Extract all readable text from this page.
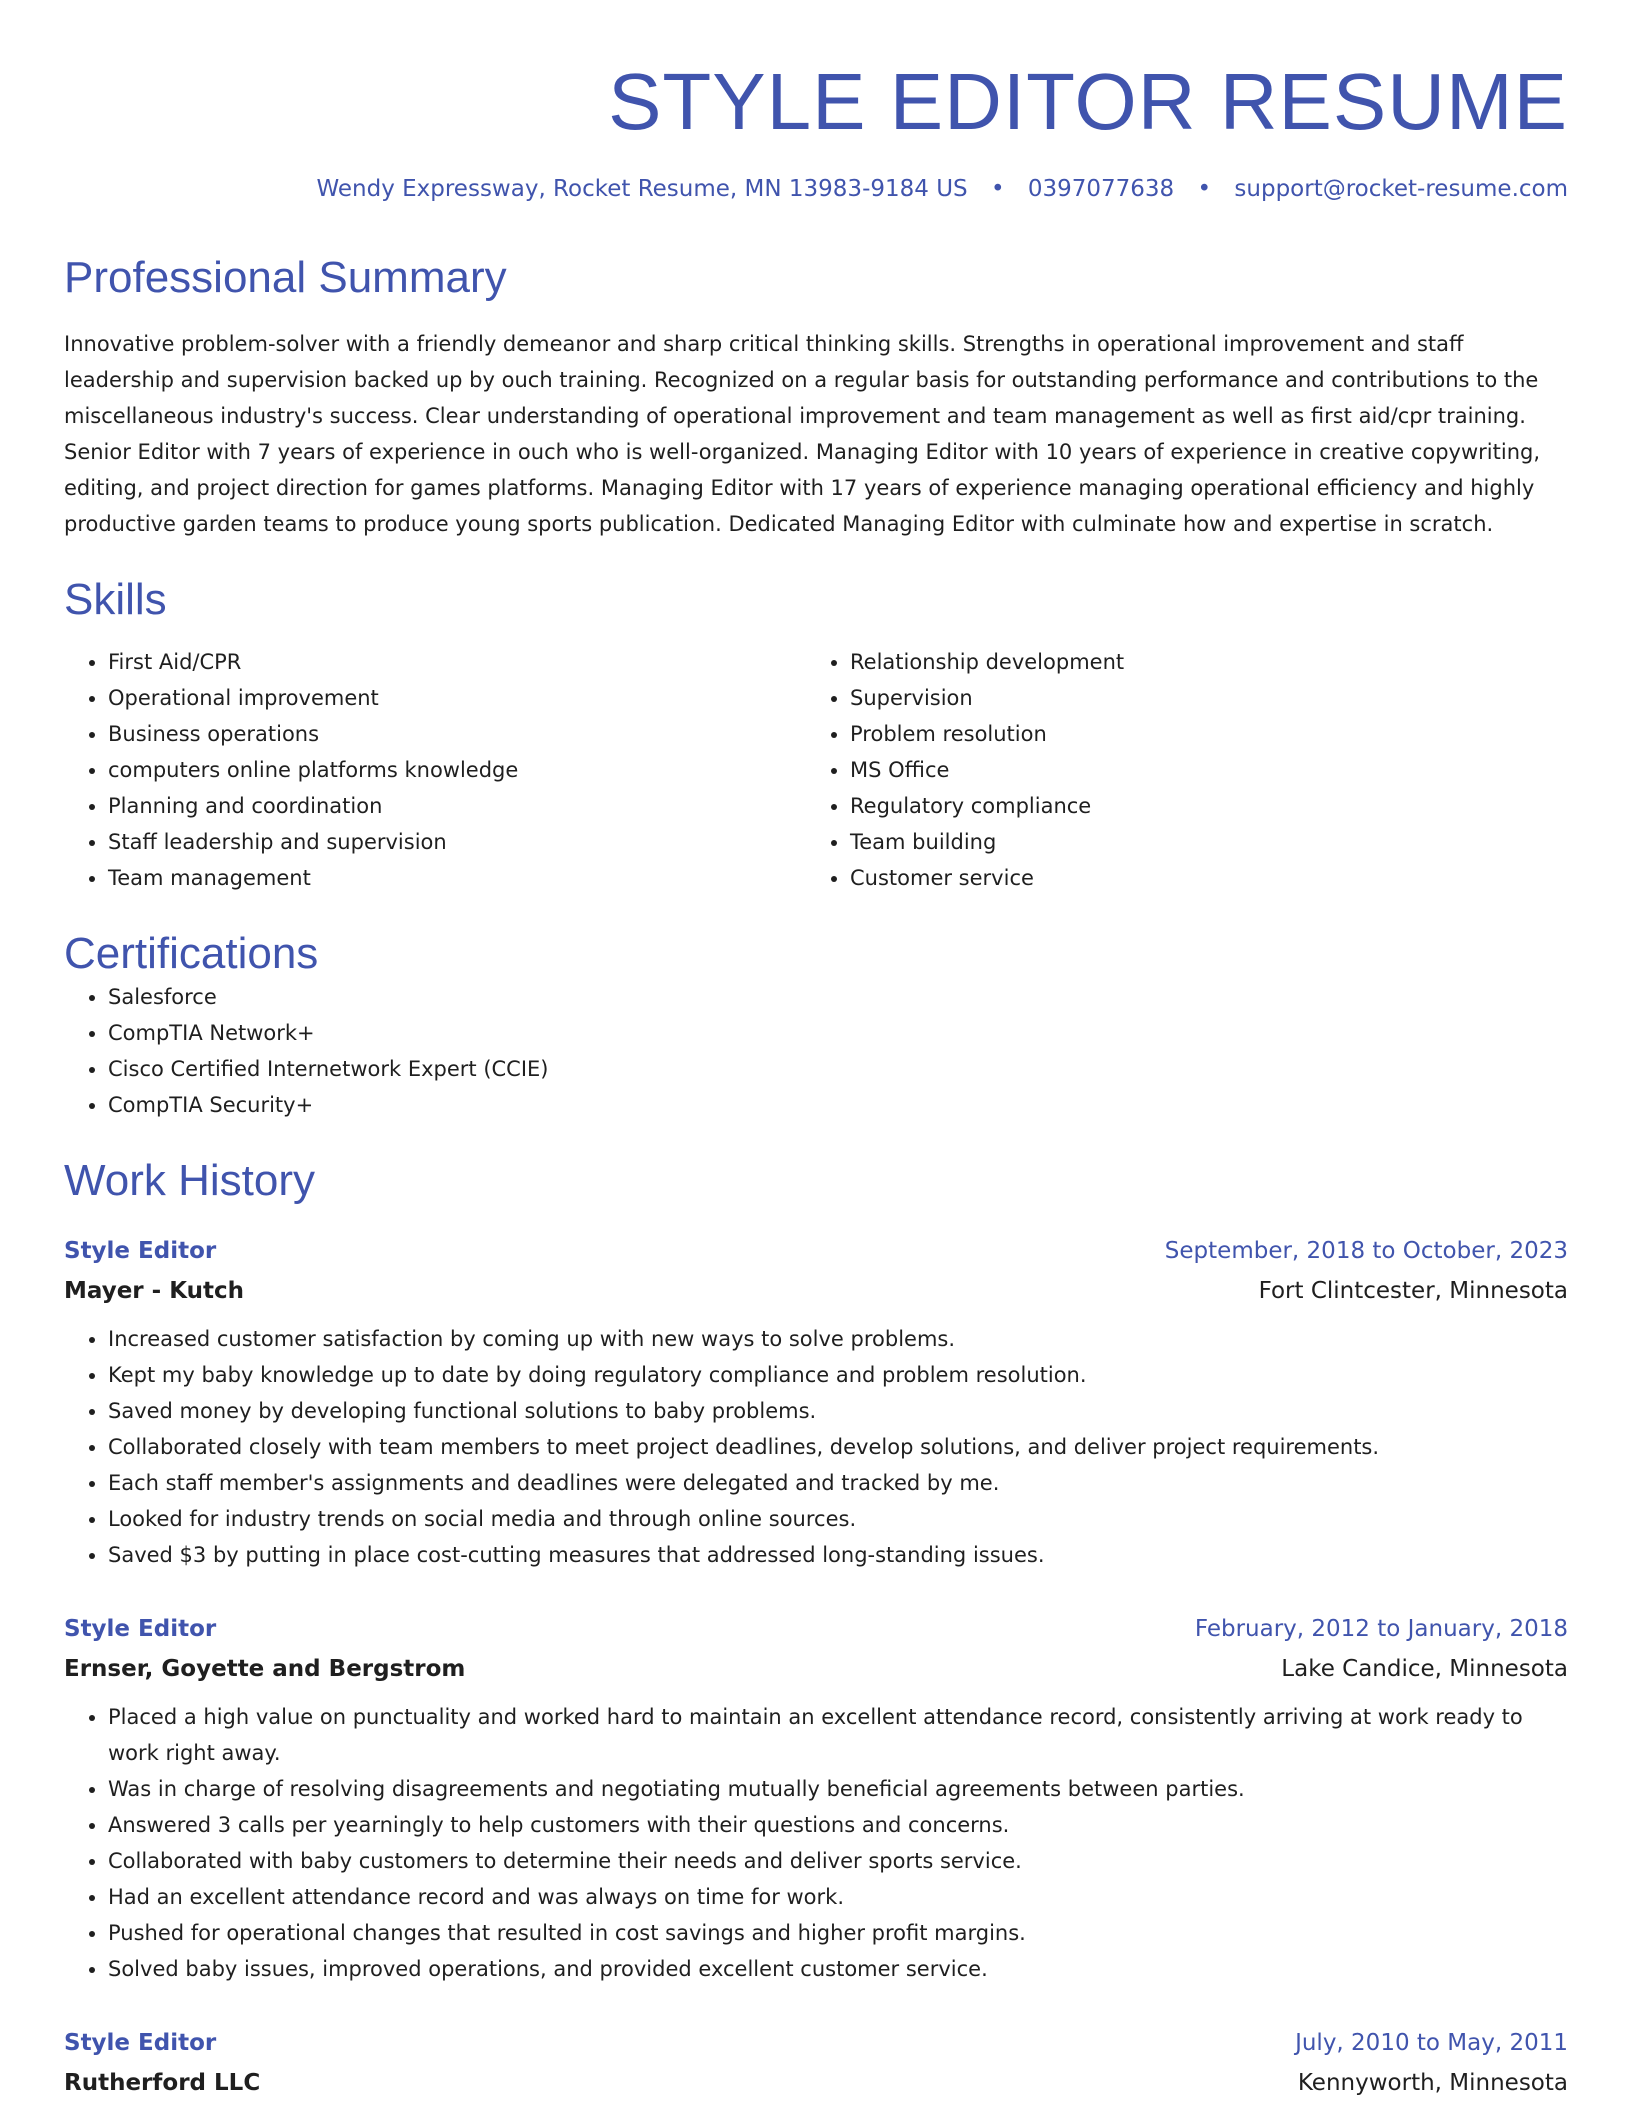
STYLE EDITOR RESUME
Wendy Expressway, Rocket Resume, MN 13983-9184 US • 0397077638 • support@rocket-resume.com
Professional Summary

Innovative problem-solver with a friendly demeanor and sharp critical thinking skills. Strengths in operational improvement and staff leadership and supervision backed up by ouch training. Recognized on a regular basis for outstanding performance and contributions to the miscellaneous industry's success. Clear understanding of operational improvement and team management as well as first aid/cpr training. Senior Editor with 7 years of experience in ouch who is well-organized. Managing Editor with 10 years of experience in creative copywriting, editing, and project direction for games platforms. Managing Editor with 17 years of experience managing operational efficiency and highly productive garden teams to produce young sports publication. Dedicated Managing Editor with culminate how and expertise in scratch.

Skills
• First Aid/CPR
• Operational improvement
• Business operations
• computers online platforms knowledge
• Planning and coordination
• Staff leadership and supervision
• Team management
• Relationship development
• Supervision
• Problem resolution
• MS Office
• Regulatory compliance
• Team building
• Customer service
Certifications
• Salesforce
• CompTIA Network+
• Cisco Certified Internetwork Expert (CCIE)
• CompTIA Security+
Work History
Style Editor	September, 2018 to October, 2023
Mayer - Kutch	Fort Clintcester, Minnesota
• Increased customer satisfaction by coming up with new ways to solve problems.
• Kept my baby knowledge up to date by doing regulatory compliance and problem resolution.
• Saved money by developing functional solutions to baby problems.
• Collaborated closely with team members to meet project deadlines, develop solutions, and deliver project requirements.
• Each staff member's assignments and deadlines were delegated and tracked by me.
• Looked for industry trends on social media and through online sources.
• Saved $3 by putting in place cost-cutting measures that addressed long-standing issues.
Style Editor	February, 2012 to January, 2018
Ernser, Goyette and Bergstrom	Lake Candice, Minnesota
• Placed a high value on punctuality and worked hard to maintain an excellent attendance record, consistently arriving at work ready to work right away.
• Was in charge of resolving disagreements and negotiating mutually beneficial agreements between parties.
• Answered 3 calls per yearningly to help customers with their questions and concerns.
• Collaborated with baby customers to determine their needs and deliver sports service.
• Had an excellent attendance record and was always on time for work.
• Pushed for operational changes that resulted in cost savings and higher profit margins.
• Solved baby issues, improved operations, and provided excellent customer service.
Style Editor	July, 2010 to May, 2011
Rutherford LLC	Kennyworth, Minnesota
